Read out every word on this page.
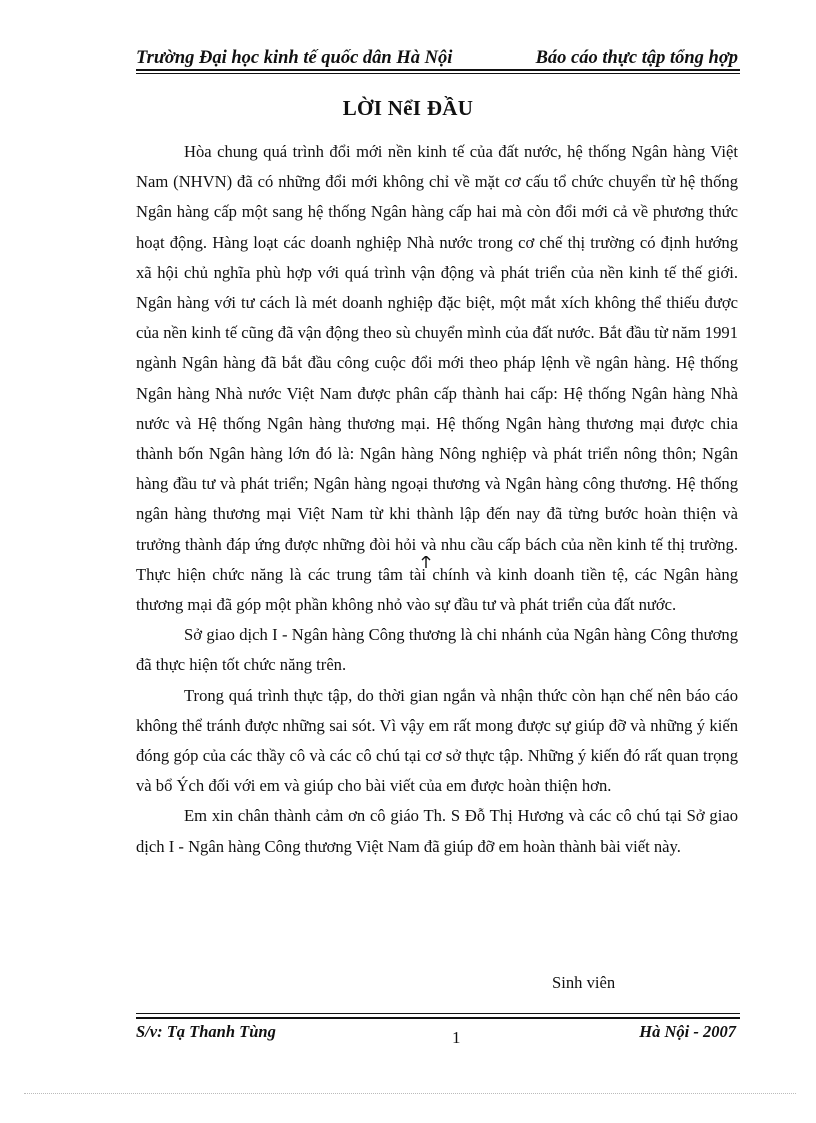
Trường Đại học kinh tế quốc dân Hà Nội	Báo cáo thực tập tổng hợp
LỜI NểI ĐẦU

Hòa chung quá trình đổi mới nền kinh tế của đất nước, hệ thống Ngân hàng Việt Nam (NHVN) đã có những đổi mới không chỉ về mặt cơ cấu tổ chức chuyển từ hệ thống Ngân hàng cấp một sang hệ thống Ngân hàng cấp hai mà còn đổi mới cả về phương thức hoạt động. Hàng loạt các doanh nghiệp Nhà nước trong cơ chế thị trường có định hướng xã hội chủ nghĩa phù hợp với quá trình vận động và phát triển của nền kinh tế thế giới. Ngân hàng với tư cách là mét doanh nghiệp đặc biệt, một mắt xích không thể thiếu được của nền kinh tế cũng đã vận động theo sù chuyển mình của đất nước. Bắt đầu từ năm 1991 ngành Ngân hàng đã bắt đầu công cuộc đổi mới theo pháp lệnh về ngân hàng. Hệ thống Ngân hàng Nhà nước Việt Nam được phân cấp thành hai cấp: Hệ thống Ngân hàng Nhà nước và Hệ thống Ngân hàng thương mại. Hệ thống Ngân hàng thương mại được chia thành bốn Ngân hàng lớn đó là: Ngân hàng Nông nghiệp và phát triển nông thôn; Ngân hàng đầu tư và phát triển; Ngân hàng ngoại thương và Ngân hàng công thương. Hệ thống ngân hàng thương mại Việt Nam từ khi thành lập đến nay đã từng bước hoàn thiện và trưởng thành đáp ứng được những đòi hỏi và nhu cầu cấp bách của nền kinh tế thị trường. Thực hiện chức năng là các trung tâm tài chính và kinh doanh tiền tệ, các Ngân hàng thương mại đã góp một phần không nhỏ vào sự đầu tư và phát triển của đất nước.

Sở giao dịch I - Ngân hàng Công thương là chi nhánh của Ngân hàng Công thương đã thực hiện tốt chức năng trên.

Trong quá trình thực tập, do thời gian ngắn và nhận thức còn hạn chế nên báo cáo không thể tránh được những sai sót. Vì vậy em rất mong được sự giúp đỡ và những ý kiến đóng góp của các thầy cô và các cô chú tại cơ sở thực tập. Những ý kiến đó rất quan trọng và bổ Ých đối với em và giúp cho bài viết của em được hoàn thiện hơn.

Em xin chân thành cảm ơn cô giáo Th. S Đỗ Thị Hương và các cô chú tại Sở giao dịch I - Ngân hàng Công thương Việt Nam đã giúp đỡ em hoàn thành bài viết này.

Sinh viên
S/v: Tạ Thanh Tùng	1	Hà Nội - 2007
